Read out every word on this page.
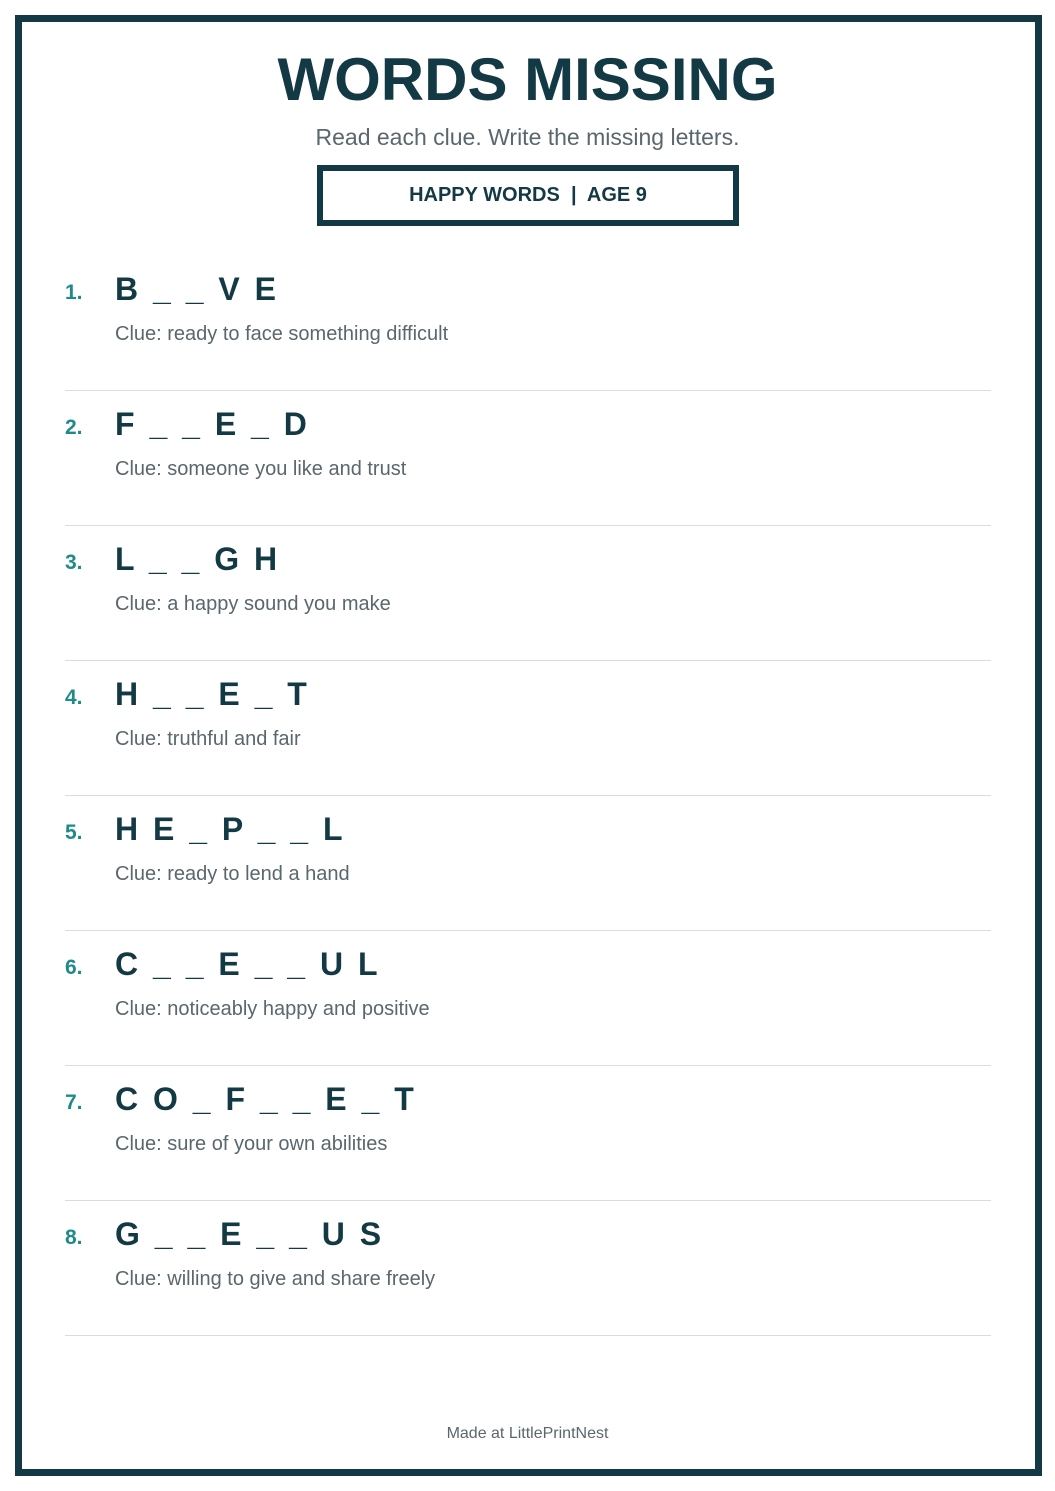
WORDS MISSING
Read each clue. Write the missing letters.
HAPPY WORDS  |  AGE 9
1. B _ _ V E
Clue: ready to face something difficult
2. F _ _ E _ D
Clue: someone you like and trust
3. L _ _ G H
Clue: a happy sound you make
4. H _ _ E _ T
Clue: truthful and fair
5. H E _ P _ _ L
Clue: ready to lend a hand
6. C _ _ E _ _ U L
Clue: noticeably happy and positive
7. C O _ F _ _ E _ T
Clue: sure of your own abilities
8. G _ _ E _ _ U S
Clue: willing to give and share freely
Made at LittlePrintNest
